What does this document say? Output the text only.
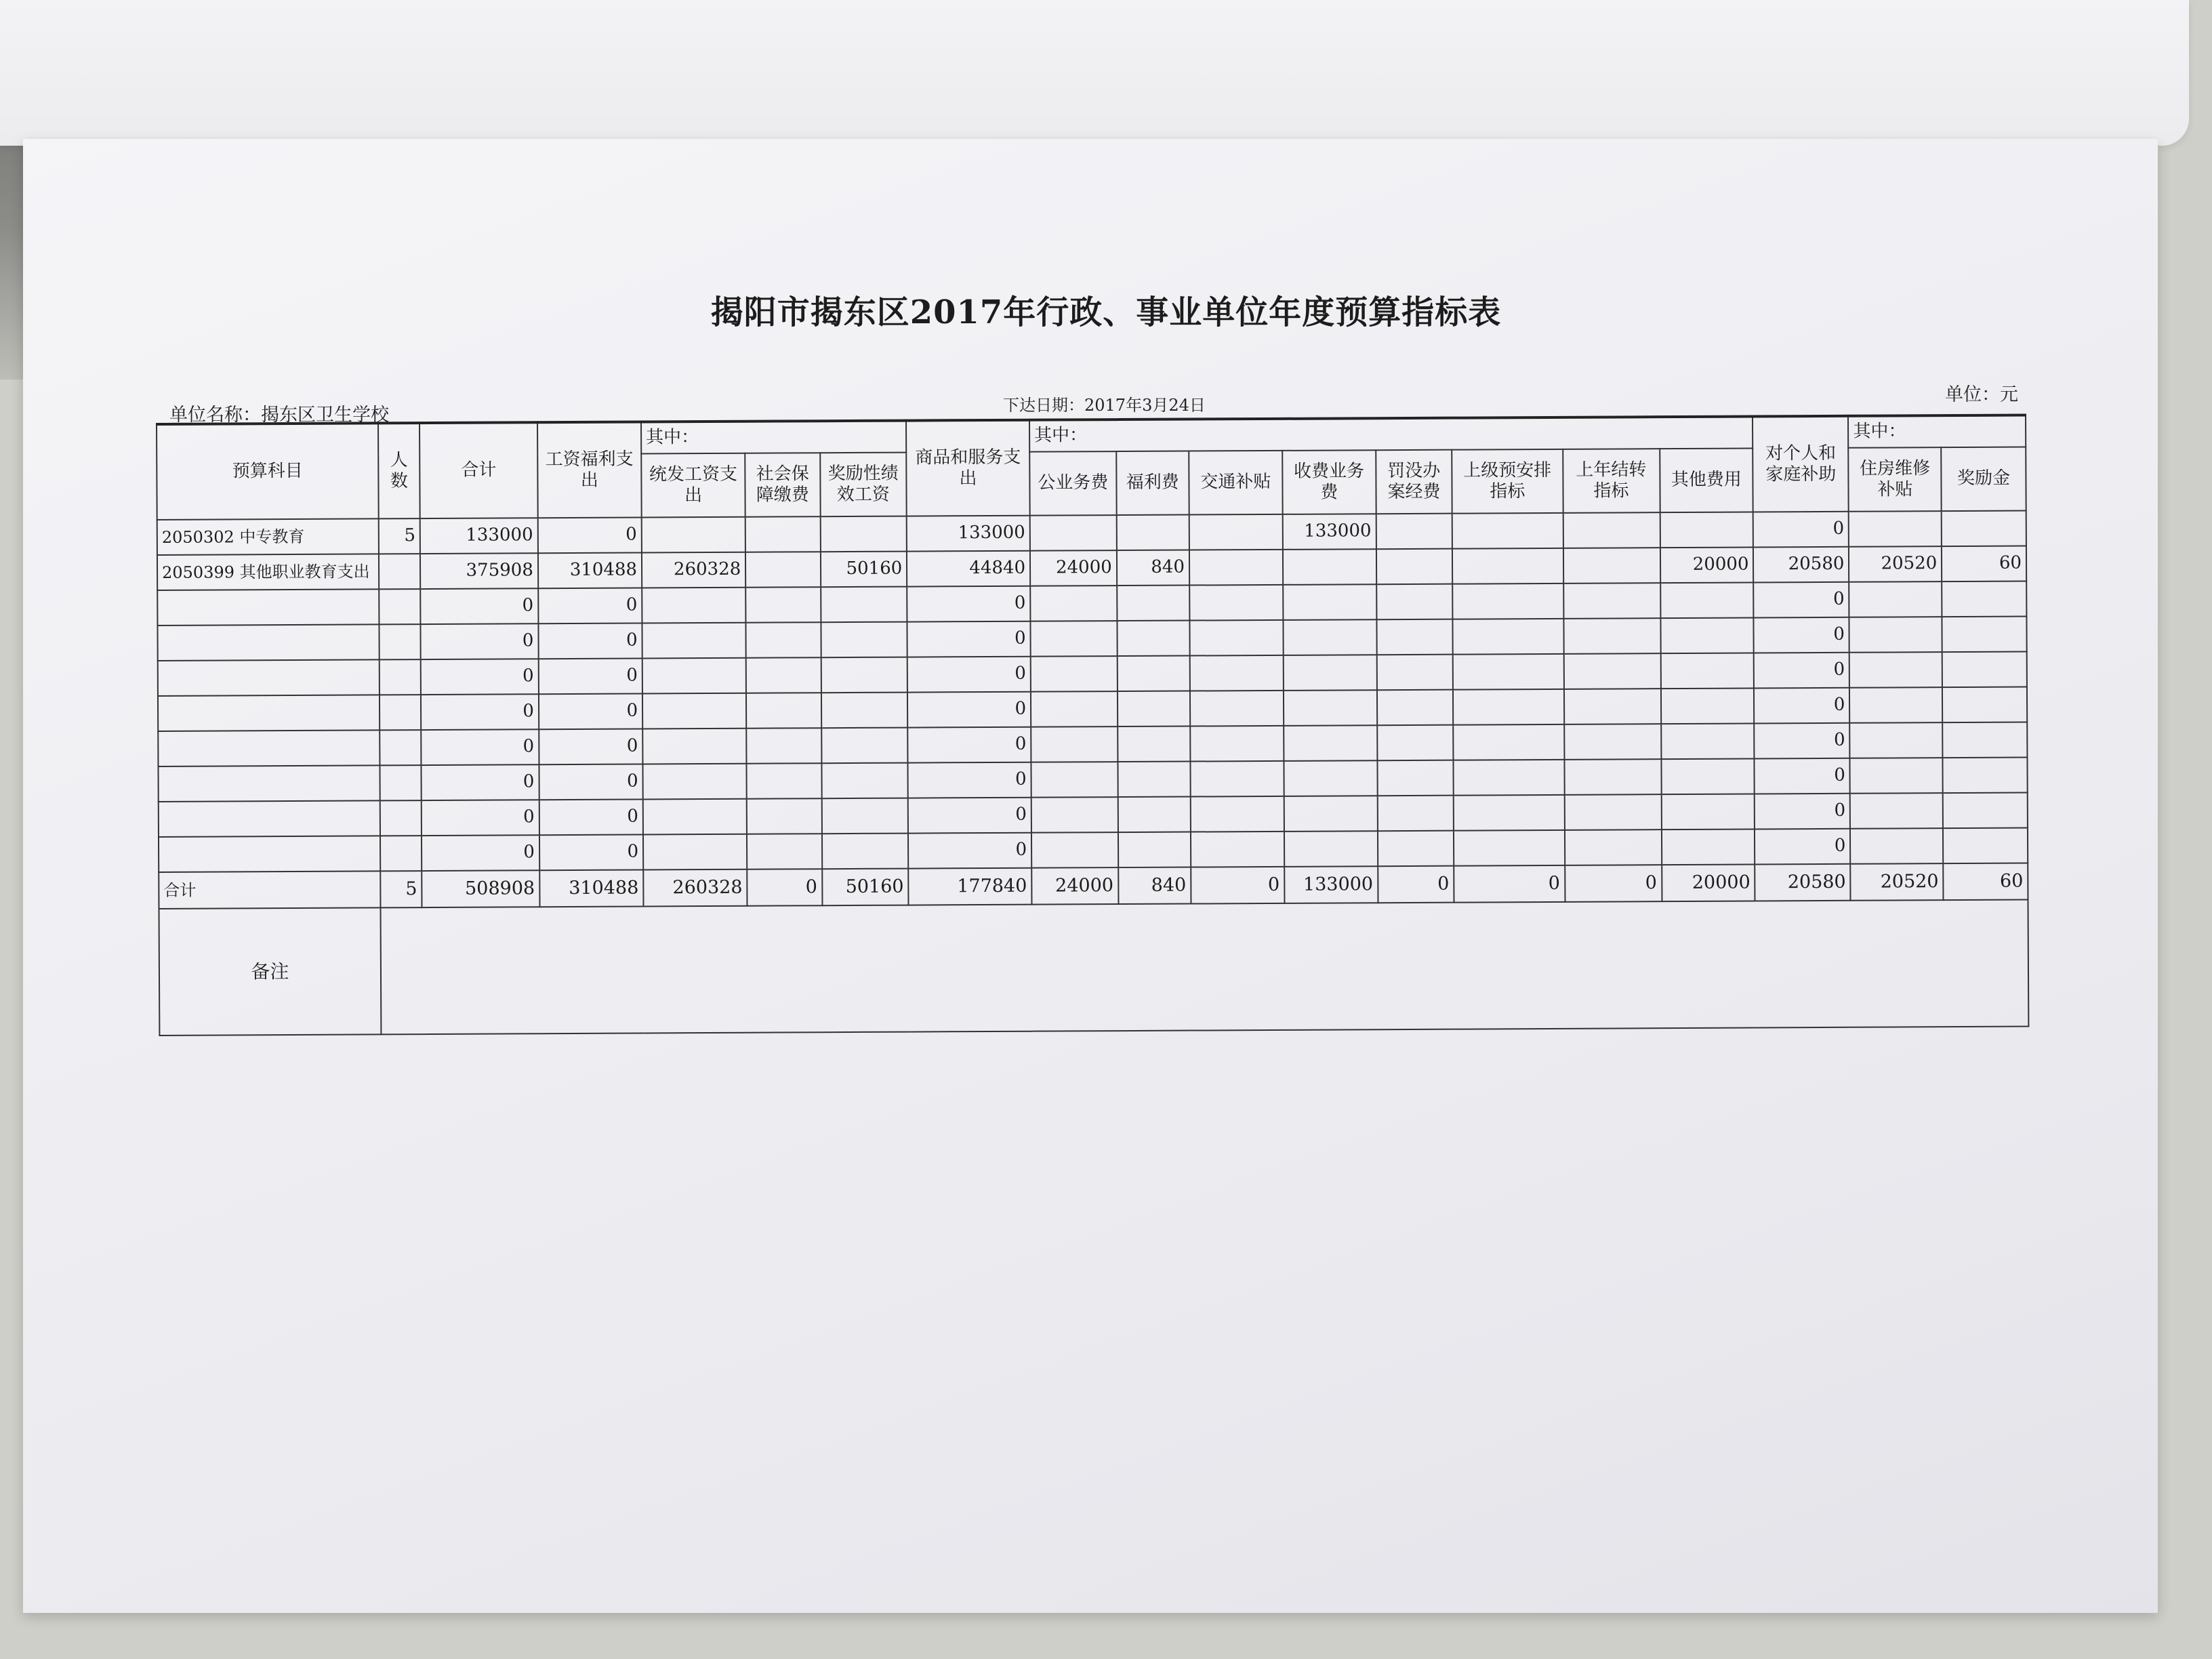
揭阳市揭东区2017年行政、事业单位年度预算指标表
单位名称：揭东区卫生学校	下达日期：2017年3月24日	单位：元
预算科目	人数	合计	工资福利支出	其中：			商品和服务支出	其中：								对个人和家庭补助	其中：	
				统发工资支出	社会保障缴费	奖励性绩效工资		公业务费	福利费	交通补贴	收费业务费	罚没办案经费	上级预安排指标	上年结转指标	其他费用		住房维修补贴	奖励金
2050302 中专教育	5	133000	0				133000				133000					0		
2050399 其他职业教育支出		375908	310488	260328		50160	44840	24000	840						20000	20580	20520	60
		0	0				0									0		
		0	0				0									0		
		0	0				0									0		
		0	0				0									0		
		0	0				0									0		
		0	0				0									0		
		0	0				0									0		
		0	0				0									0		
合计	5	508908	310488	260328	0	50160	177840	24000	840	0	133000	0	0	0	20000	20580	20520	60
备注																		
